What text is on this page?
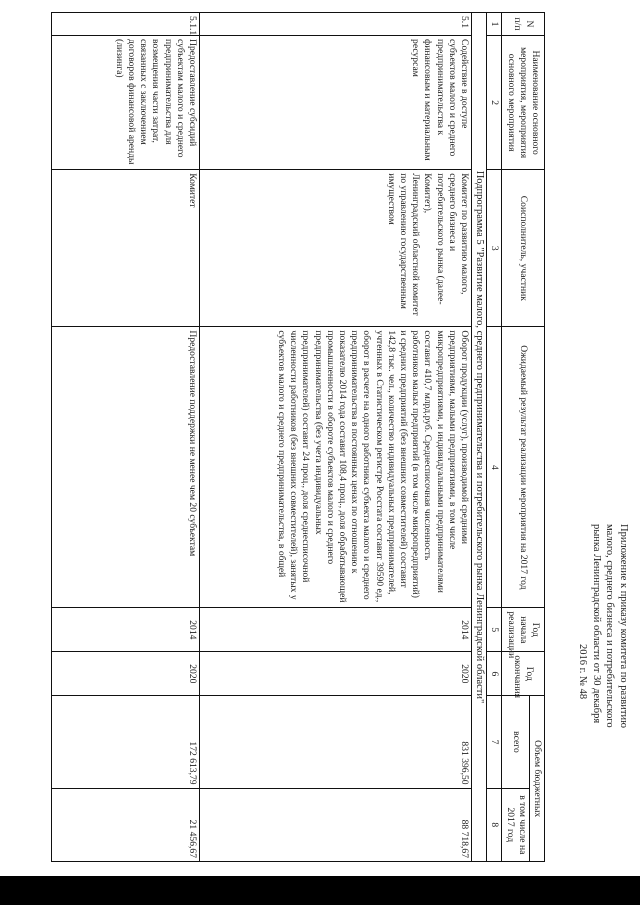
Приложение к приказу комитета по развитию
малого, среднего бизнеса и потребительского
рынка Ленинградской области от 30 декабря
2016 г. № 48
N п/п	Наименование основного мероприятия, мероприятия основного мероприятия	Соисполнитель, участник	Ожидаемый результат реализации мероприятия на 2017 год	Год начала реализации	Год окончания	Объем бюджетных	
						всего	в том числе на 2017 год
1	2	3	4	5	6	7	8
Подпрограмма 5 "Развитие малого, среднего предпринимательства и потребительского рынка Ленинградской области"							
5.1	Содействие в доступе субъектов малого и среднего предпринимательства к финансовым и материальным ресурсам	Комитет по развитию малого, среднего бизнеса и потребительского рынка (далее-Комитет),
Ленинградский областной комитет по управлению государственным имуществом	Оборот продукции (услуг), производимой средними предприятиями, малыми предприятиями, в том числе микропредприятиями, и индивидуальными предпринимателями составит 410,7 млрд.руб. Среднесписочная численность работников малых предприятий (в том числе микропредприятий) и средних предприятий (без внешних совместителей) составит 142,8 тыс. чел., количество индивидуальных предпринимателей, учтенных в Статистическом регистре Росстата составит 39590 ед., оборот в расчете на одного работника субъекта малого и среднего предпринимательства в постоянных ценах по отношению к показателю 2014 года составит 108,4 проц., доля обрабатывающей промышленности в обороте субъектов малого и среднего предпринимательства (без учета индивидуальных предпринимателей) составит 24 проц., доля среднесписочной численности работников (без внешних совместителей), занятых у субъектов малого и среднего предпринимательства, в общей	2014	2020	831 396,50	88 718,67
5.1.1	Предоставление субсидий субъектам малого и среднего предпринимательства для возмещения части затрат, связанных с заключением договоров финансовой аренды (лизинга)	Комитет	Предоставление поддержки не менее чем 20 субъектам	2014	2020	172 613,79	21 456,67
